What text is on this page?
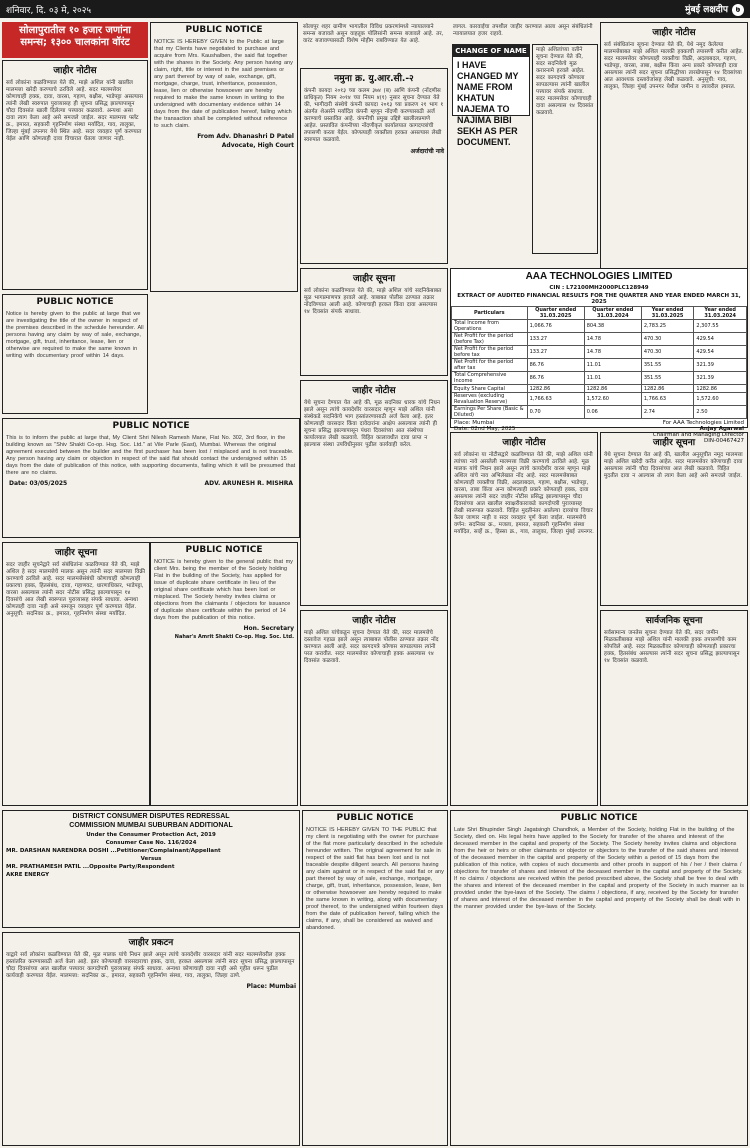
शनिवार, दि. ०३ मे, २०२५	मुंबई लक्षदीप ७
सोलापुरातील १० हजार जणांना
समन्स; १३०० चालकांना वॉरंट
जाहीर नोटीस
सर्व लोकांना कळविण्यात येते की, माझे अशिल यांनी खालील मालमत्ता खरेदी करण्याचे ठरविले आहे. सदर मालमत्तेवर कोणाचाही हक्क, दावा, वारसा, गहाण, बक्षीस, भाडेपट्टा असल्यास त्यांनी लेखी स्वरुपात पुराव्यासह ही सूचना प्रसिद्ध झाल्यापासून चौदा दिवसांत खाली दिलेल्या पत्त्यावर कळवावे. अन्यथा असा दावा त्याग केला आहे असे समजले जाईल. सदर मालमत्ता फ्लॅट क्र., इमारत, सहकारी गृहनिर्माण संस्था मर्यादित, गाव, तालुका, जिल्हा मुंबई उपनगर येथे स्थित आहे. सदर व्यवहार पूर्ण करण्यात येईल आणि कोणताही दावा विचारात घेतला जाणार नाही.
PUBLIC NOTICE
Notice is hereby given to the public at large that we are investigating the title of the owner in respect of the premises described in the schedule hereunder. All persons having any claim by way of sale, exchange, mortgage, gift, trust, inheritance, lease, lien or otherwise are required to make the same known in writing with documentary proof within 14 days.
PUBLIC NOTICE
NOTICE IS HEREBY GIVEN to the Public at large that my Clients have negotiated to purchase and acquire from Mrs. Kaushalben, the said flat together with the shares in the Society. Any person having any claim, right, title or interest in the said premises or any part thereof by way of sale, exchange, gift, mortgage, charge, trust, inheritance, possession, lease, lien or otherwise howsoever are hereby required to make the same known in writing to the undersigned with documentary evidence within 14 days from the date of publication hereof, failing which the transaction shall be completed without reference to such claim.
From Adv. Dhanashri D Patel
Advocate, High Court
सोलापूर शहर ग्रामीण भागातील विविध प्रकरणांमध्ये न्यायालयाने समन्स बजावले असून वाहतूक पोलिसांनी समन्स बजावले आहे. तर, वारंट बजावण्यासाठी विशेष मोहीम राबविण्यात येत आहे.
नमुना क्र. यु.आर.सी.-२
कंपनी कायदा २०१३ च्या कलम ३७४ (ब) आणि कंपनी (नोंदणीस प्राधिकृत) नियम २०१४ च्या नियम ४(१) नुसार सूचना देण्यात येते की, भागीदारी संस्थेचे कंपनी कायदा २०१३ च्या प्रकरण २१ भाग १ अंतर्गत शेअर्सने मर्यादित कंपनी म्हणून नोंदणी करण्यासाठी अर्ज करण्याचे प्रस्तावित आहे. कंपनीची प्रमुख उद्दिष्टे खालीलप्रमाणे आहेत. प्रस्तावित कंपनीच्या नोंदणीकृत कार्यालयात कागदपत्रांची तपासणी करता येईल. कोणत्याही व्यक्तीला हरकत असल्यास लेखी स्वरुपात कळवावे.
अर्जदारांची नावे
लागल. कारवाईचा तपशील जाहीर करण्यात आला असून संबंधितांनी न्यायालयात हजर राहावे.
CHANGE OF NAME
I HAVE CHANGED MY NAME FROM KHATUN NAJEMA TO NAJIMA BIBI SEKH AS PER DOCUMENT.
माझे अशिलांच्या वतीने सूचना देण्यात येते की, सदर सदनिकेचे मूळ करारनामे हरवले आहेत. सदर कागदपत्रे कोणाला सापडल्यास त्यांनी खालील पत्त्यावर संपर्क साधावा. सदर मालमत्तेवर कोणाचाही दावा असल्यास १४ दिवसांत कळवावे.
जाहीर नोटीस
सर्व संबंधितांना सूचना देण्यात येते की, येथे नमूद केलेल्या मालमत्तेबाबत माझे अशिल मालकी हक्काची तपासणी करीत आहेत. सदर मालमत्तेवर कोणत्याही व्यक्तीचा विक्री, अदलाबदल, गहाण, भाडेपट्टा, वारसा, ताबा, बक्षीस किंवा अन्य प्रकारे कोणताही दावा असल्यास त्यांनी सदर सूचना प्रसिद्धीच्या तारखेपासून १४ दिवसांच्या आत आवश्यक दस्तावेजांसह लेखी कळवावे. अनुसूची: गाव, तालुका, जिल्हा मुंबई उपनगर येथील जमीन व त्यावरील इमारत.
AAA TECHNOLOGIES LIMITED
CIN : L72100MH2000PLC128949
EXTRACT OF AUDITED FINANCIAL RESULTS FOR THE QUARTER AND YEAR ENDED MARCH 31, 2025
Particulars	Quarter ended 31.03.2025	Quarter ended 31.03.2024	Year ended 31.03.2025	Year ended 31.03.2024
Total Income from Operations	1,066.76	804.38	2,783.25	2,307.55
Net Profit for the period (before Tax)	133.27	14.78	470.30	429.54
Net Profit for the period before tax	133.27	14.78	470.30	429.54
Net Profit for the period after tax	86.76	11.01	351.55	321.39
Total Comprehensive Income	86.76	11.01	351.55	321.39
Equity Share Capital	1282.86	1282.86	1282.86	1282.86
Reserves (excluding Revaluation Reserve)	1,766.63	1,572.60	1,766.63	1,572.60
Earnings Per Share (Basic & Diluted)	0.70	0.06	2.74	2.50
Place: Mumbai
Date: 02nd May, 2025
For AAA Technologies Limited
Anjay Agarwal
Chairman and Managing Director
DIN-00467427
जाहीर सूचना
सर्व लोकांना कळविण्यात येते की, माझे अशिल यांचे सदनिकेबाबत मूळ भागप्रमाणपत्र हरवले आहे. याबाबत पोलीस ठाण्यात तक्रार नोंदविण्यात आली आहे. कोणाचाही हरकत किंवा दावा असल्यास १४ दिवसांत संपर्क साधावा.
PUBLIC NOTICE
This is to inform the public at large that, My Client Shri Nilesh Ramesh Mane, Flat No. 302, 3rd floor, in the building known as "Shiv Shakti Co-op. Hsg. Soc. Ltd." at Vile Parle (East), Mumbai. Whereas the original agreement executed between the builder and the first purchaser has been lost / misplaced and is not traceable. Any person having any claim or objection in respect of the said flat should contact the undersigned within 15 days from the date of publication of this notice, with supporting documents, failing which it will be presumed that there are no claims.
Date: 03/05/2025	ADV. ARUNESH R. MISHRA
जाहीर सूचना
सदर जाहीर सूचनेद्वारे सर्व संबंधितांना कळविण्यात येते की, माझे अशिल हे सदर मालमत्तेचे मालक असून त्यांनी सदर मालमत्ता विक्री करण्याचे ठरविले आहे. सदर मालमत्तेसंबंधी कोणाचाही कोणत्याही प्रकारचा हक्क, हितसंबंध, दावा, गहाणवट, धारणाधिकार, भाडेपट्टा, वारसा असल्यास त्यांनी सदर नोटीस प्रसिद्ध झाल्यापासून १४ दिवसांचे आत लेखी स्वरूपात पुराव्यासह संपर्क साधावा. अन्यथा कोणताही दावा नाही असे समजून व्यवहार पूर्ण करण्यात येईल. अनुसूची: सदनिका क्र., इमारत, गृहनिर्माण संस्था मर्यादित.
PUBLIC NOTICE
NOTICE is hereby given to the general public that my client Mrs. being the member of the Society holding Flat in the building of the Society, has applied for issue of duplicate share certificate in lieu of the original share certificate which has been lost or misplaced. The Society hereby invites claims or objections from the claimants / objectors for issuance of duplicate share certificate within the period of 14 days from the publication of this notice.
Hon. Secretary
Nahar's Amrit Shakti Co-op. Hsg. Soc. Ltd.
जाहीर नोटीस
येथे सूचना देण्यात येत आहे की, मूळ सदनिका धारक यांचे निधन झाले असून त्यांचे कायदेशीर वारसदार म्हणून माझे अशिल यांनी संस्थेकडे सदनिकेचे भाग हस्तांतरणासाठी अर्ज केला आहे. इतर कोणत्याही वारसदार किंवा दावेदारांना आक्षेप असल्यास त्यांनी ही सूचना प्रसिद्ध झाल्यापासून पंधरा दिवसांच्या आत संस्थेच्या कार्यालयात लेखी कळवावे. विहित कालावधीत दावा प्राप्त न झाल्यास संस्था उपविधीनुसार पुढील कार्यवाही करेल.
जाहीर नोटीस
माझे अशिल यांचेकडून सूचना देण्यात येते की, सदर मालमत्तेचे दस्तावेज गहाळ झाले असून त्याबाबत पोलीस ठाण्यात तक्रार नोंद करण्यात आली आहे. सदर कागदपत्रे कोणास सापडल्यास त्यांनी परत करावीत. सदर मालमत्तेवर कोणाचाही हक्क असल्यास १४ दिवसांत कळवावे.
जाहीर नोटीस
सर्व लोकांना या नोटीसद्वारे कळविण्यात येते की, माझे अशिल यांनी त्यांच्या नावे असलेली मालमत्ता विक्री करण्याचे ठरविले आहे. मूळ मालक यांचे निधन झाले असून त्यांचे कायदेशीर वारस म्हणून माझे अशिल यांचे नाव अभिलेखात नोंद आहे. सदर मालमत्तेबाबत कोणत्याही व्यक्तीचा विक्री, अदलाबदल, गहाण, बक्षीस, भाडेपट्टा, वारसा, ताबा किंवा अन्य कोणत्याही प्रकारे कोणताही हक्क, दावा असल्यास त्यांनी सदर जाहीर नोटीस प्रसिद्ध झाल्यापासून चौदा दिवसांच्या आत खालील स्वाक्षरीकाराकडे कागदोपत्री पुराव्यासह लेखी स्वरूपात कळवावे. विहित मुदतीनंतर आलेल्या दाव्यांचा विचार केला जाणार नाही व सदर व्यवहार पूर्ण केला जाईल. मालमत्तेचे वर्णन: सदनिका क्र., मजला, इमारत, सहकारी गृहनिर्माण संस्था मर्यादित, सर्व्हे क्र., हिस्सा क्र., गाव, तालुका, जिल्हा मुंबई उपनगर.
जाहीर सूचना
येथे सूचना देण्यात येत आहे की, खालील अनुसूचीत नमूद मालमत्ता माझे अशिल खरेदी करीत आहेत. सदर मालमत्तेवर कोणाचाही दावा असल्यास त्यांनी चौदा दिवसांच्या आत लेखी कळवावे. विहित मुदतीत दावा न आल्यास तो त्याग केला आहे असे समजले जाईल.
सार्वजनिक सूचना
सर्वसामान्य जनतेस सूचना देण्यात येते की, सदर जमीन मिळकतीबाबत माझे अशिल यांनी मालकी हक्क तपासणीचे काम सोपविले आहे. सदर मिळकतीवर कोणाचाही कोणत्याही प्रकारचा हक्क, हितसंबंध असल्यास त्यांनी सदर सूचना प्रसिद्ध झाल्यापासून १४ दिवसांत कळवावे.
DISTRICT CONSUMER DISPUTES REDRESSAL
COMMISSION MUMBAI SUBURBAN ADDITIONAL
Under the Consumer Protection Act, 2019
Consumer Case No. 116/2024
MR. DARSHAN NARENDRA DOSHI ...Petitioner/Complainant/Appellant
Versus
MR. PRATHAMESH PATIL ...Opposite Party/Respondent
AKRE ENERGY
जाहीर प्रकटन
याद्वारे सर्व लोकांना कळविण्यात येते की, मूळ मालक यांचे निधन झाले असून त्यांचे कायदेशीर वारसदार यांनी सदर मालमत्तेवरील हक्क हस्तांतरित करण्यासाठी अर्ज केला आहे. इतर कोणत्याही वारसदाराचा हक्क, दावा, हरकत असल्यास त्यांनी सदर सूचना प्रसिद्ध झाल्यापासून चौदा दिवसांच्या आत खालील पत्त्यावर कागदोपत्री पुराव्यासह संपर्क साधावा. अन्यथा कोणाचाही दावा नाही असे गृहीत धरून पुढील कार्यवाही करण्यात येईल. मालमत्ता: सदनिका क्र., इमारत, सहकारी गृहनिर्माण संस्था, गाव, तालुका, जिल्हा ठाणे.
Place: Mumbai
PUBLIC NOTICE
NOTICE IS HEREBY GIVEN TO THE PUBLIC that my client is negotiating with the owner for purchase of the flat more particularly described in the schedule hereunder written. The original agreement for sale in respect of the said flat has been lost and is not traceable despite diligent search. All persons having any claim against or in respect of the said flat or any part thereof by way of sale, exchange, mortgage, charge, gift, trust, inheritance, possession, lease, lien or otherwise howsoever are hereby required to make the same known in writing, along with documentary proof thereof, to the undersigned within fourteen days from the date of publication hereof, failing which the claims, if any, shall be considered as waived and abandoned.
PUBLIC NOTICE
Late Shri Bhupinder Singh Jagatsingh Chandhok, a Member of the Society, holding Flat in the building of the Society, died on. His legal heirs have applied to the Society for transfer of the shares and interest of the deceased member in the capital and property of the Society. The Society hereby invites claims and objections from the heir or heirs or other claimants or objector or objectors to the transfer of the said shares and interest of the deceased member in the capital and property of the Society within a period of 15 days from the publication of this notice, with copies of such documents and other proofs in support of his / her / their claims / objections for transfer of shares and interest of the deceased member in the capital and property of the Society. If no claims / objections are received within the period prescribed above, the Society shall be free to deal with the shares and interest of the deceased member in the capital and property of the Society in such manner as is provided under the bye-laws of the Society. The claims / objections, if any, received by the Society for transfer of shares and interest of the deceased member in the capital and property of the Society shall be dealt with in the manner provided under the bye-laws of the Society.
